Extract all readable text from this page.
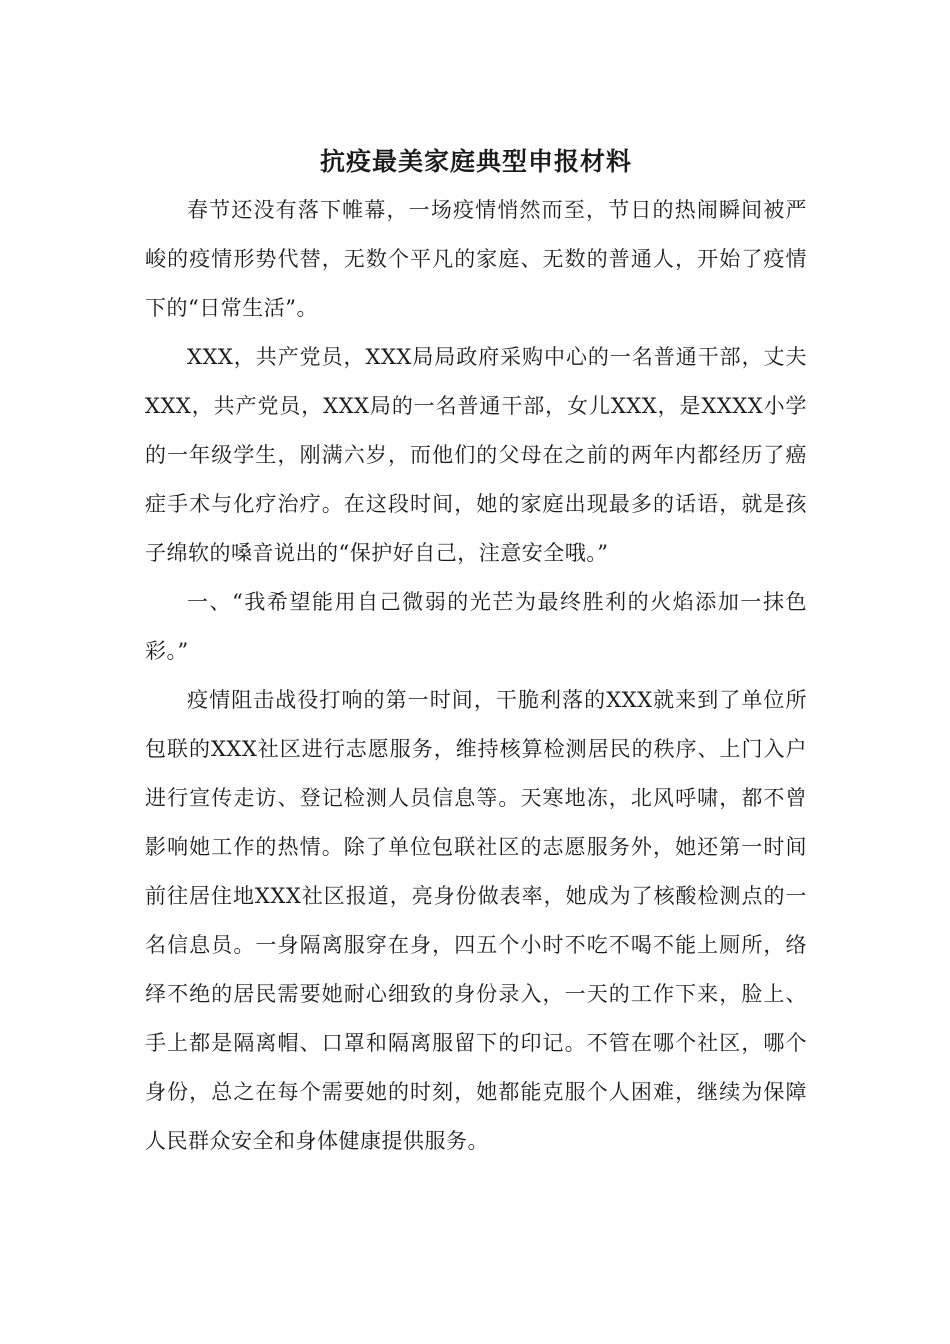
抗疫最美家庭典型申报材料

春节还没有落下帷幕，一场疫情悄然而至，节日的热闹瞬间被严峻的疫情形势代替，无数个平凡的家庭、无数的普通人，开始了疫情下的“日常生活”。

XXX，共产党员，XXX局局政府采购中心的一名普通干部，丈夫XXX，共产党员，XXX局的一名普通干部，女儿XXX，是XXXX小学的一年级学生，刚满六岁，而他们的父母在之前的两年内都经历了癌症手术与化疗治疗。在这段时间，她的家庭出现最多的话语，就是孩子绵软的嗓音说出的“保护好自己，注意安全哦。”

一、“我希望能用自己微弱的光芒为最终胜利的火焰添加一抹色彩。”

疫情阻击战役打响的第一时间，干脆利落的XXX就来到了单位所包联的XXX社区进行志愿服务，维持核算检测居民的秩序、上门入户进行宣传走访、登记检测人员信息等。天寒地冻，北风呼啸，都不曾影响她工作的热情。除了单位包联社区的志愿服务外，她还第一时间前往居住地XXX社区报道，亮身份做表率，她成为了核酸检测点的一名信息员。一身隔离服穿在身，四五个小时不吃不喝不能上厕所，络绎不绝的居民需要她耐心细致的身份录入，一天的工作下来，脸上、手上都是隔离帽、口罩和隔离服留下的印记。不管在哪个社区，哪个身份，总之在每个需要她的时刻，她都能克服个人困难，继续为保障人民群众安全和身体健康提供服务。
